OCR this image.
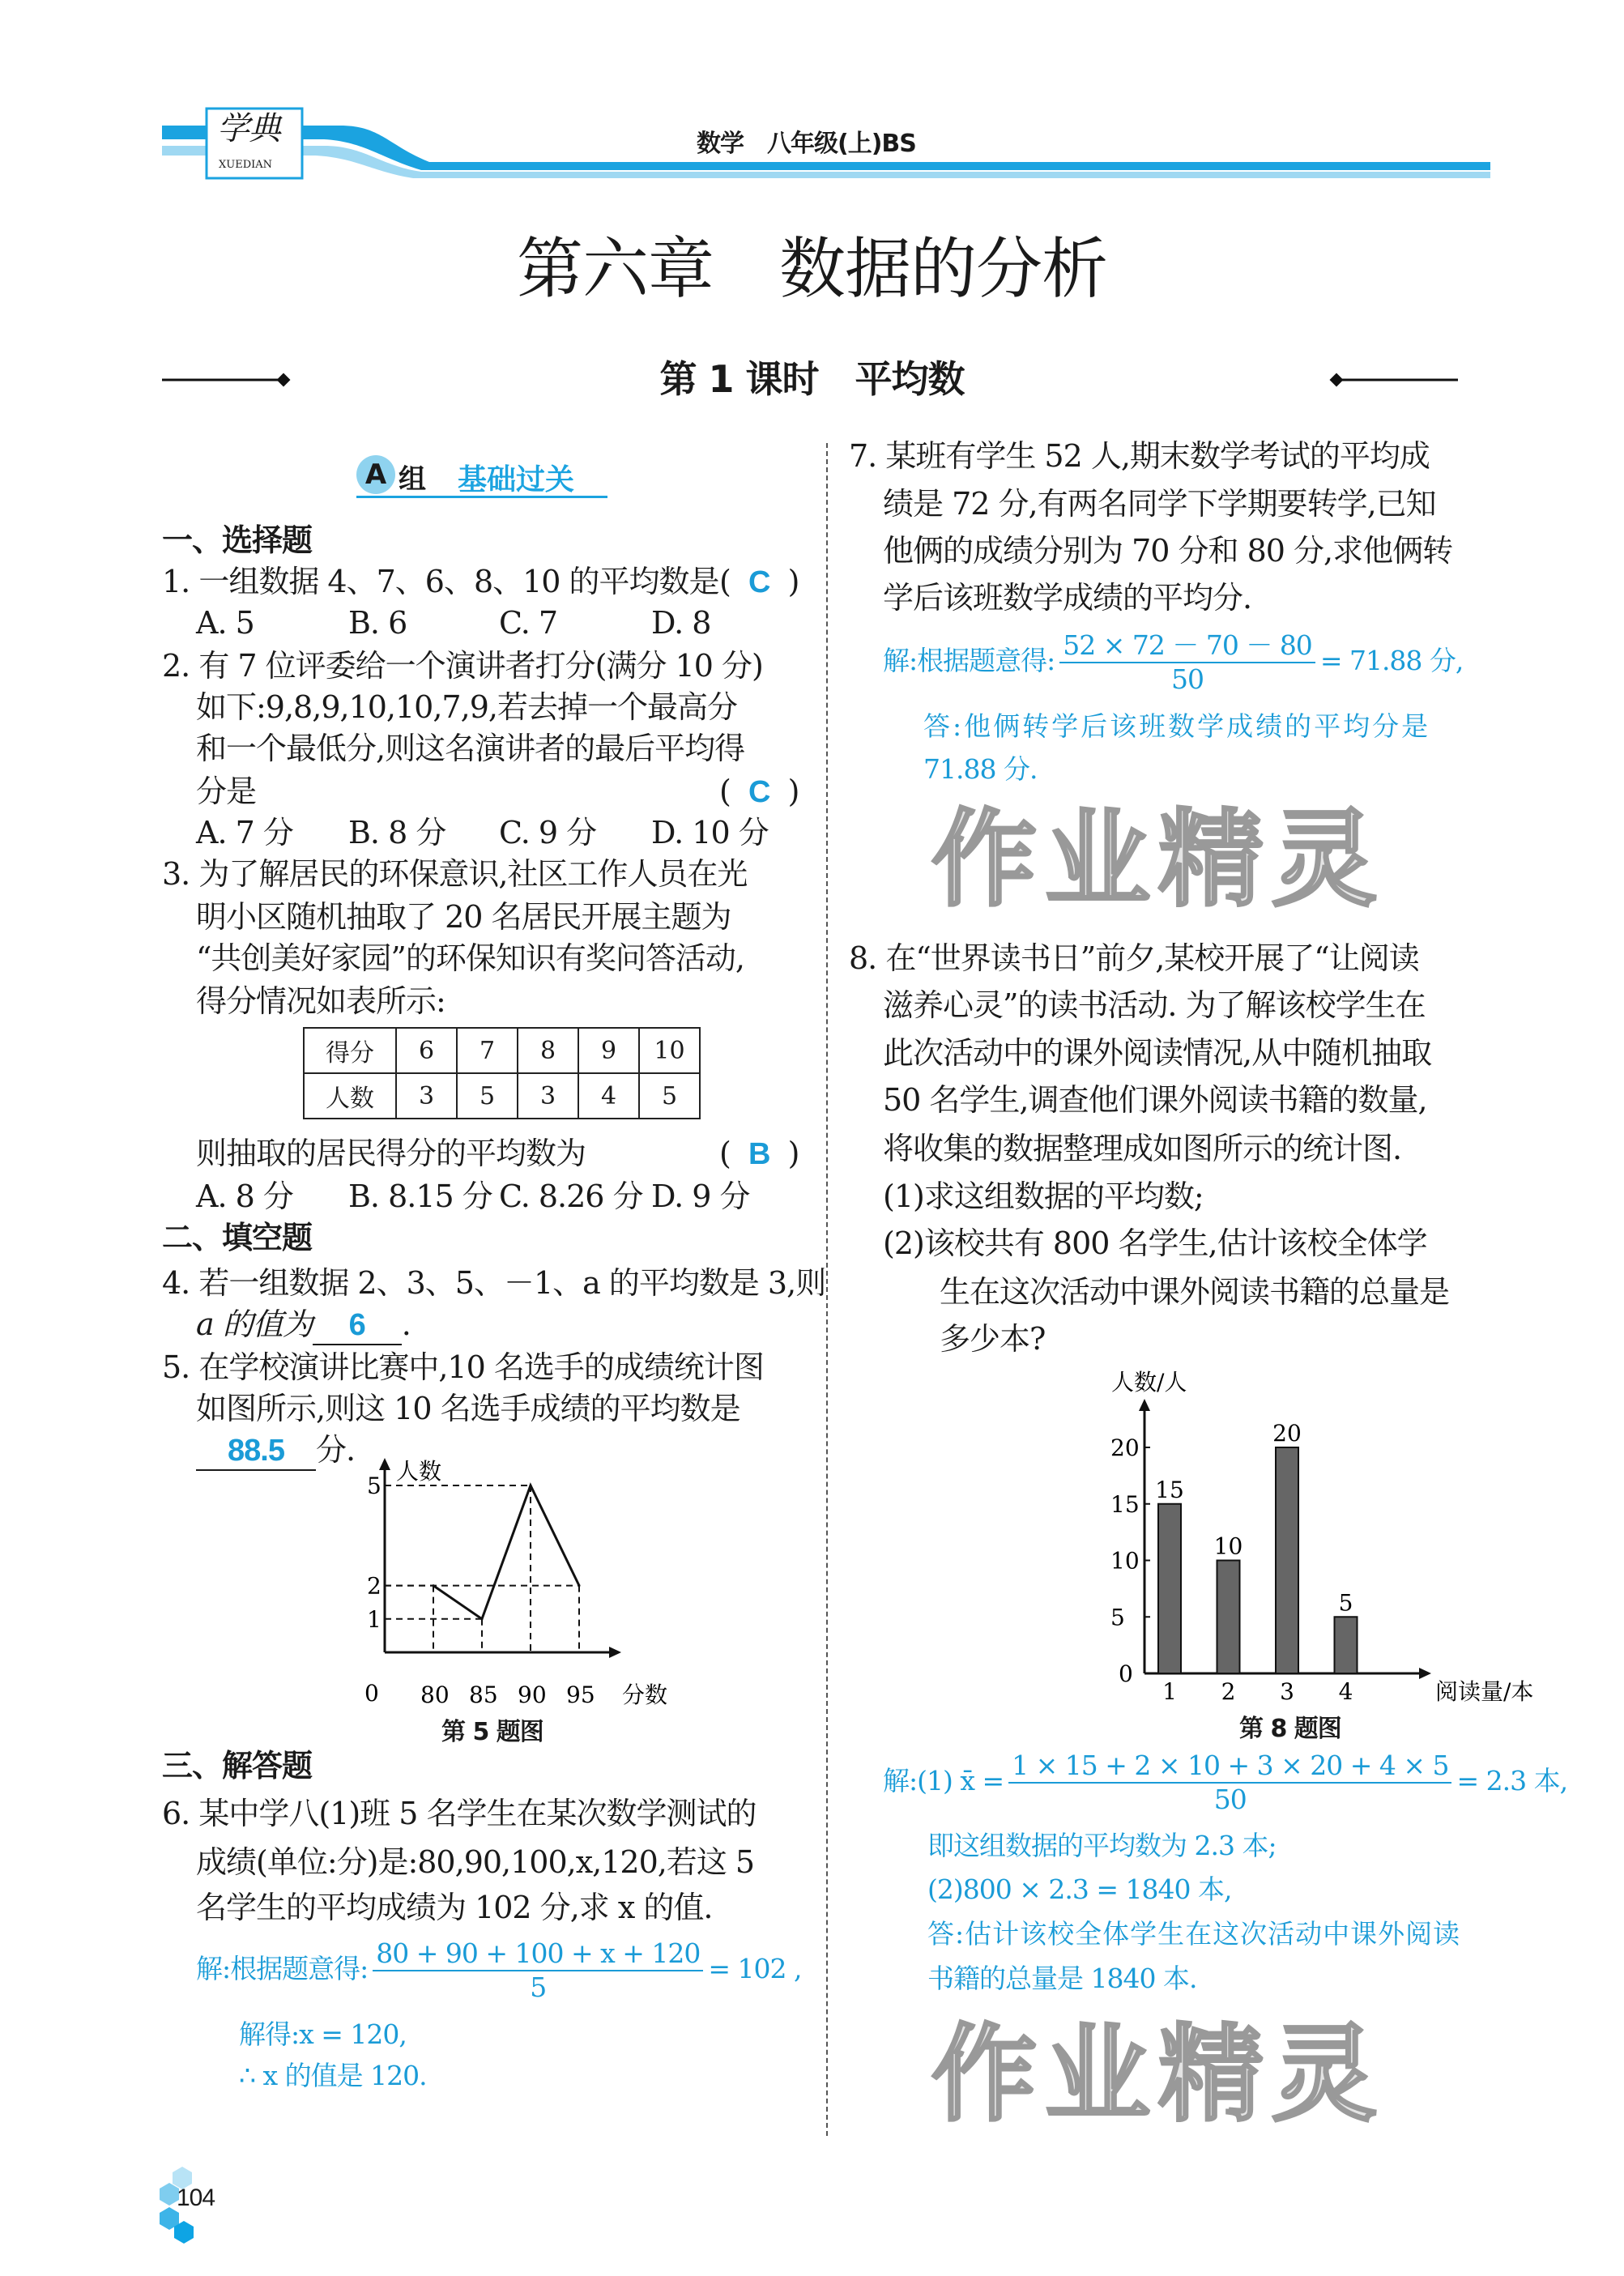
学典
XUEDIAN
数学　八年级(上)BS
第六章　数据的分析
第 1 课时　平均数
A 组 基础过关
一、选择题
1. 一组数据 4、7、6、8、10 的平均数是 (  C  )
A. 5	B. 6	C. 7	D. 8
2. 有 7 位评委给一个演讲者打分(满分 10 分)
如下:9,8,9,10,10,7,9,若去掉一个最高分
和一个最低分,则这名演讲者的最后平均得
分是	(  C  )
A. 7 分 B. 8 分 C. 9 分 D. 10 分
3. 为了解居民的环保意识,社区工作人员在光
明小区随机抽取了 20 名居民开展主题为
“共创美好家园”的环保知识有奖问答活动,
得分情况如表所示:
得分	6	7	8	9	10
人数	3	5	3	4	5
则抽取的居民得分的平均数为	(  B  )
A. 8 分 B. 8.15 分 C. 8.26 分 D. 9 分
二、填空题
4. 若一组数据 2、3、5、－1、a 的平均数是 3,则
a 的值为 6 .
5. 在学校演讲比赛中,10 名选手的成绩统计图
如图所示,则这 10 名选手成绩的平均数是
88.5 分.
人数
分数
0 80 85 90 95
1
2
5
第 5 题图
三、解答题
6. 某中学八(1)班 5 名学生在某次数学测试的
成绩(单位:分)是:80,90,100,x,120,若这 5
名学生的平均成绩为 102 分,求 x 的值.
解:根据题意得: $\frac{80 + 90 + 100 + x + 120}{5} = 102$ ,
解得:x = 120,
∴ x 的值是 120.
作业精灵
作业精灵
104
7. 某班有学生 52 人,期末数学考试的平均成
绩是 72 分,有两名同学下学期要转学,已知
他俩的成绩分别为 70 分和 80 分,求他俩转
学后该班数学成绩的平均分.
解:根据题意得: $\frac{52 \times 72 - 70 - 80}{50} = 71.88$ 分,
答:他俩转学后该班数学成绩的平均分是
71.88 分.
8. 在“世界读书日”前夕,某校开展了“让阅读
滋养心灵”的读书活动. 为了解该校学生在
此次活动中的课外阅读情况,从中随机抽取
50 名学生,调查他们课外阅读书籍的数量,
将收集的数据整理成如图所示的统计图.
(1)求这组数据的平均数;
(2)该校共有 800 名学生,估计该校全体学
生在这次活动中课外阅读书籍的总量是
多少本?
人数/人
阅读量/本
0
5
10
15
20
15
1
10
2
20
3
5
4
第 8 题图
解:(1) x̄ = $\frac{1 \times 15 + 2 \times 10 + 3 \times 20 + 4 \times 5}{50} = 2.3$ 本,
即这组数据的平均数为 2.3 本;
(2)800 × 2.3 = 1840 本,
答:估计该校全体学生在这次活动中课外阅读
书籍的总量是 1840 本.
